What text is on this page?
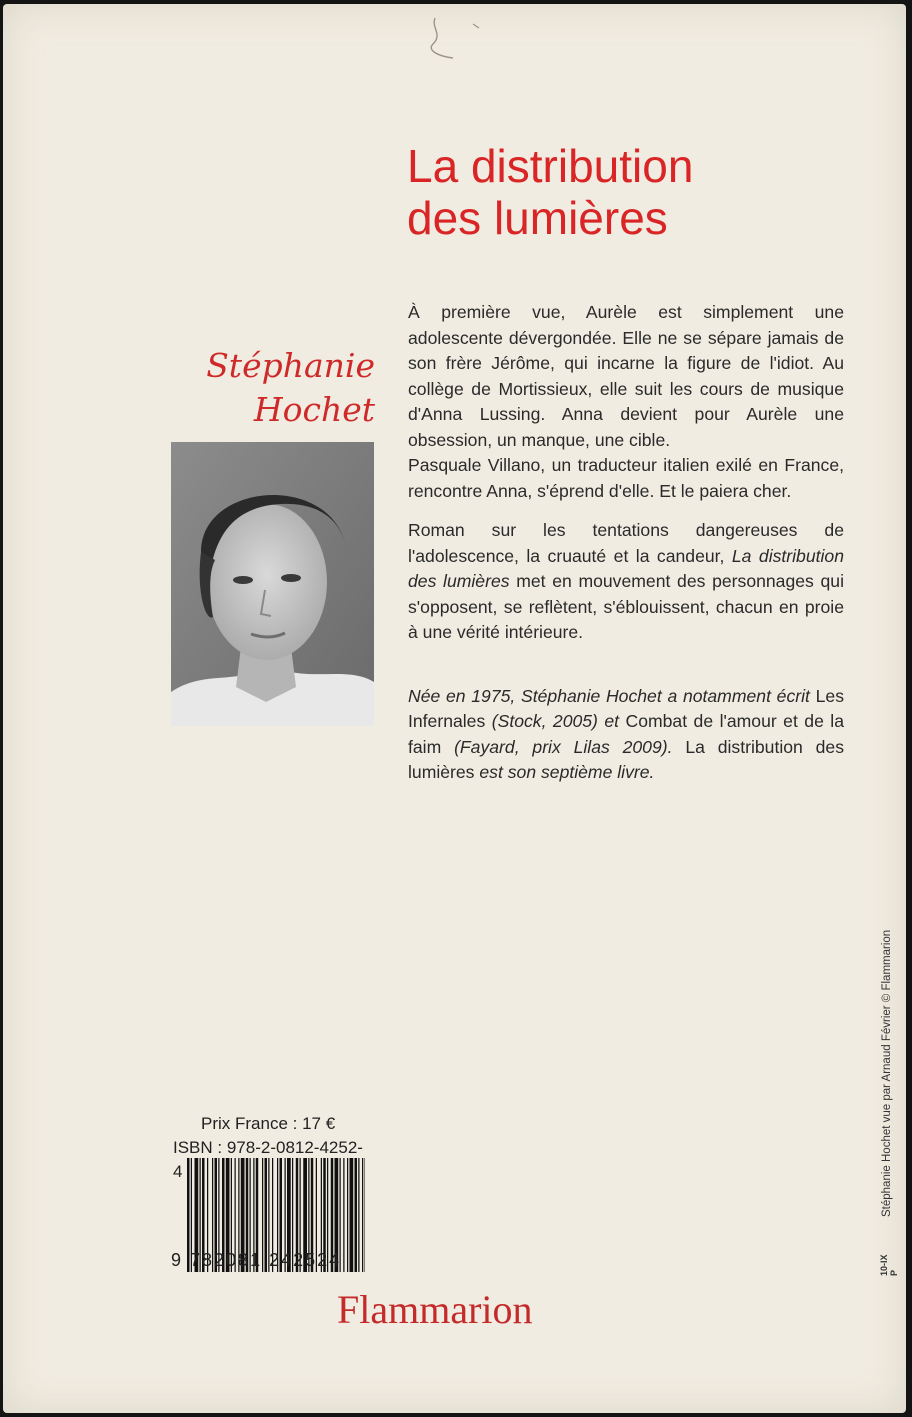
La distribution
des lumières
Stéphanie
Hochet

À première vue, Aurèle est simplement une adolescente dévergondée. Elle ne se sépare jamais de son frère Jérôme, qui incarne la figure de l'idiot. Au collège de Mortissieux, elle suit les cours de musique d'Anna Lussing. Anna devient pour Aurèle une obsession, un manque, une cible.

Pasquale Villano, un traducteur italien exilé en France, rencontre Anna, s'éprend d'elle. Et le paiera cher.

Roman sur les tentations dangereuses de l'adolescence, la cruauté et la candeur, La distribution des lumières met en mouvement des personnages qui s'opposent, se reflètent, s'éblouissent, chacun en proie à une vérité intérieure.

Née en 1975, Stéphanie Hochet a notamment écrit Les Infernales (Stock, 2005) et Combat de l'amour et de la faim (Fayard, prix Lilas 2009). La distribution des lumières est son septième livre.

Prix France : 17 €
ISBN : 978-2-0812-4252-4
9 782081 242524
Flammarion
Stéphanie Hochet vue par Arnaud Février © Flammarion
10-IX P
